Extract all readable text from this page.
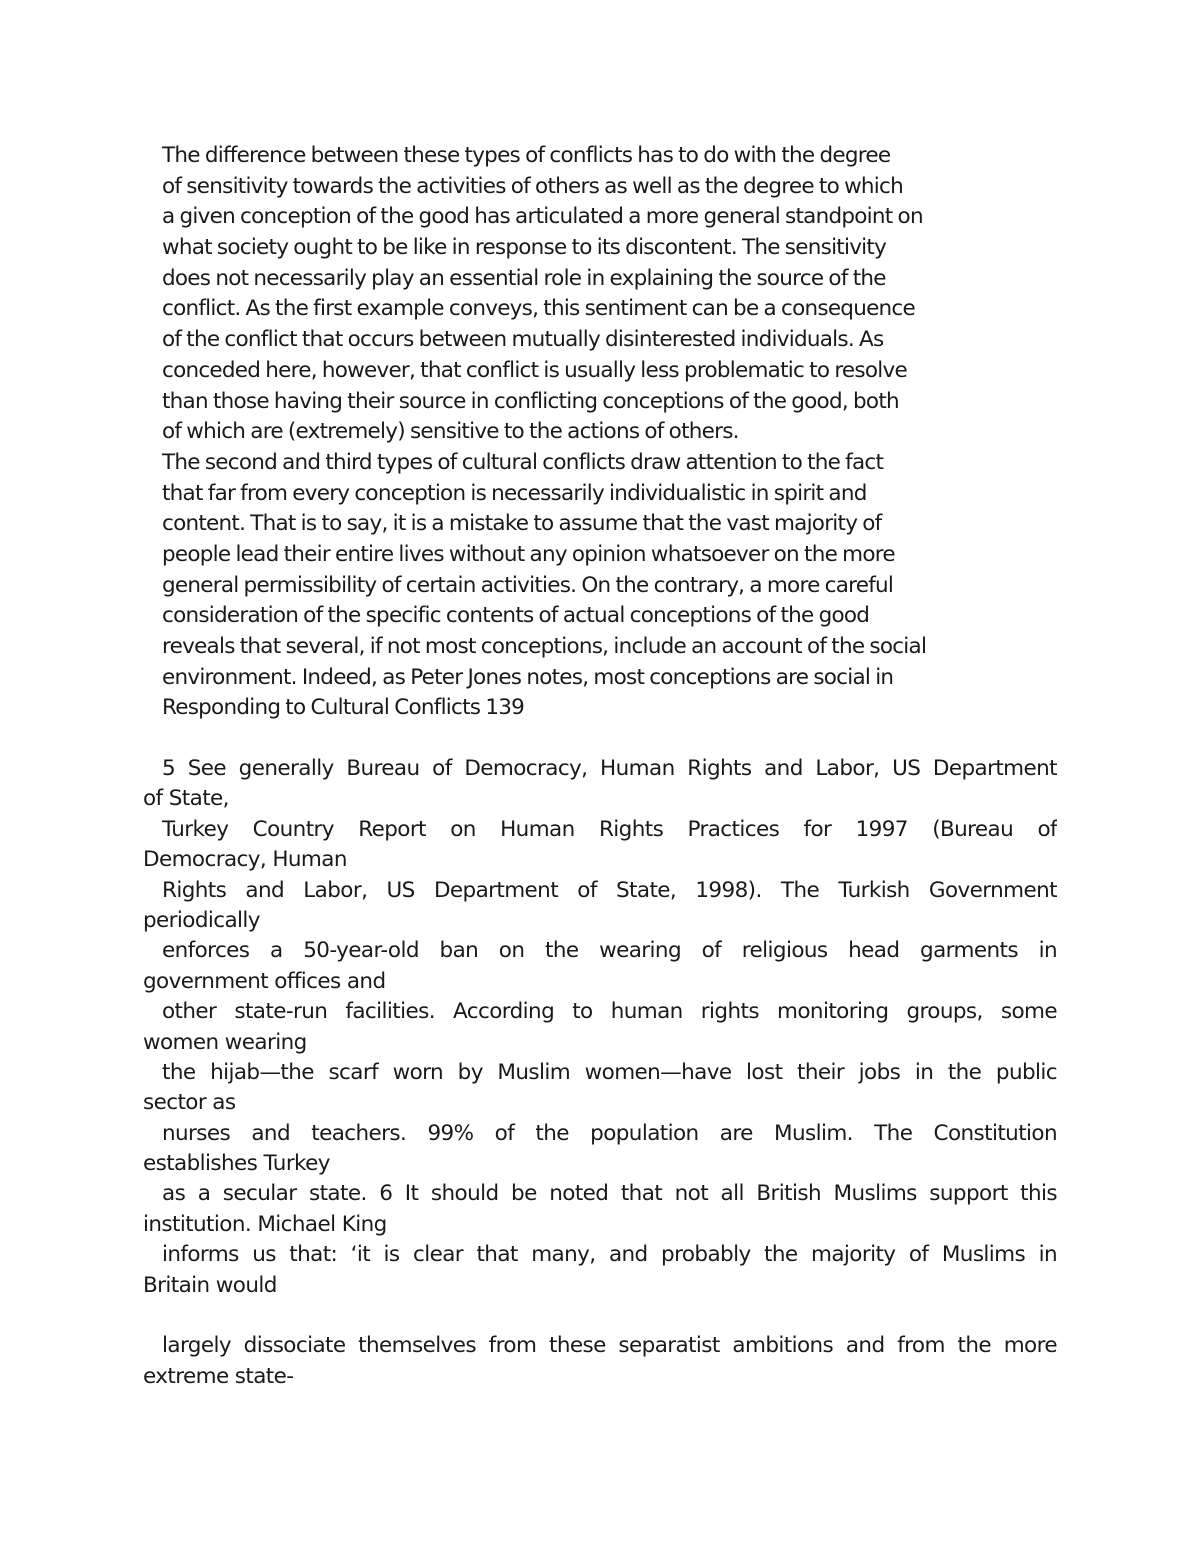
The difference between these types of conflicts has to do with the degree
of sensitivity towards the activities of others as well as the degree to which
a given conception of the good has articulated a more general standpoint on
what society ought to be like in response to its discontent. The sensitivity
does not necessarily play an essential role in explaining the source of the
conflict. As the first example conveys, this sentiment can be a consequence
of the conflict that occurs between mutually disinterested individuals. As
conceded here, however, that conflict is usually less problematic to resolve
than those having their source in conflicting conceptions of the good, both
of which are (extremely) sensitive to the actions of others.
The second and third types of cultural conflicts draw attention to the fact
that far from every conception is necessarily individualistic in spirit and
content. That is to say, it is a mistake to assume that the vast majority of
people lead their entire lives without any opinion whatsoever on the more
general permissibility of certain activities. On the contrary, a more careful
consideration of the specific contents of actual conceptions of the good
reveals that several, if not most conceptions, include an account of the social
environment. Indeed, as Peter Jones notes, most conceptions are social in
Responding to Cultural Conflicts 139
5 See generally Bureau of Democracy, Human Rights and Labor, US Department
of State,
Turkey Country Report on Human Rights Practices for 1997 (Bureau of
Democracy, Human
Rights and Labor, US Department of State, 1998). The Turkish Government
periodically
enforces a 50-year-old ban on the wearing of religious head garments in
government offices and
other state-run facilities. According to human rights monitoring groups, some
women wearing
the hijab—the scarf worn by Muslim women—have lost their jobs in the public
sector as
nurses and teachers. 99% of the population are Muslim. The Constitution
establishes Turkey
as a secular state. 6 It should be noted that not all British Muslims support this
institution. Michael King
informs us that: ‘it is clear that many, and probably the majority of Muslims in
Britain would
largely dissociate themselves from these separatist ambitions and from the more
extreme state-
